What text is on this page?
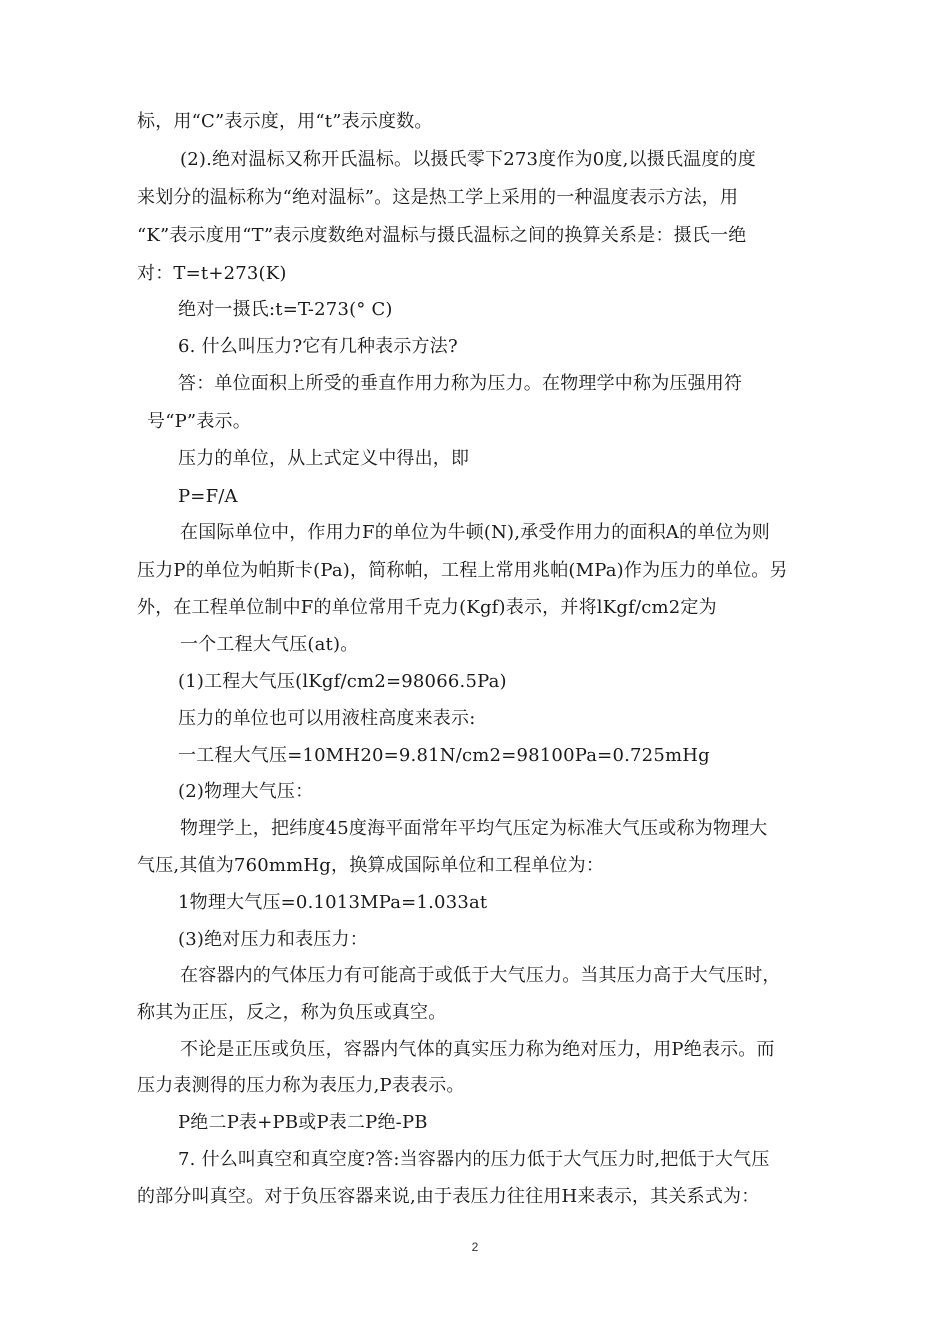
标，用“C”表示度，用“t”表示度数。
(2).绝对温标又称开氏温标。以摄氏零下273度作为0度,以摄氏温度的度
来划分的温标称为“绝对温标”。这是热工学上采用的一种温度表示方法，用
“K”表示度用“T”表示度数绝对温标与摄氏温标之间的换算关系是：摄氏一绝
对：T=t+273(K)
绝对一摄氏:t=T-273(° C)
6. 什么叫压力?它有几种表示方法?
答：单位面积上所受的垂直作用力称为压力。在物理学中称为压强用符
号“P”表示。
压力的单位，从上式定义中得出，即
P=F/A
在国际单位中，作用力F的单位为牛顿(N),承受作用力的面积A的单位为则
压力P的单位为帕斯卡(Pa)，简称帕，工程上常用兆帕(MPa)作为压力的单位。另
外，在工程单位制中F的单位常用千克力(Kgf)表示，并将lKgf/cm2定为
一个工程大气压(at)。
(1)工程大气压(lKgf/cm2=98066.5Pa)
压力的单位也可以用液柱高度来表示:
一工程大气压=10MH20=9.81N/cm2=98100Pa=0.725mHg
(2)物理大气压：
物理学上，把纬度45度海平面常年平均气压定为标准大气压或称为物理大
气压,其值为760mmHg，换算成国际单位和工程单位为：
1物理大气压=0.1013MPa=1.033at
(3)绝对压力和表压力：
在容器内的气体压力有可能高于或低于大气压力。当其压力高于大气压时，
称其为正压，反之，称为负压或真空。
不论是正压或负压，容器内气体的真实压力称为绝对压力，用P绝表示。而
压力表测得的压力称为表压力,P表表示。
P绝二P表+PB或P表二P绝-PB
7. 什么叫真空和真空度?答:当容器内的压力低于大气压力时,把低于大气压
的部分叫真空。对于负压容器来说,由于表压力往往用H来表示，其关系式为：
2
